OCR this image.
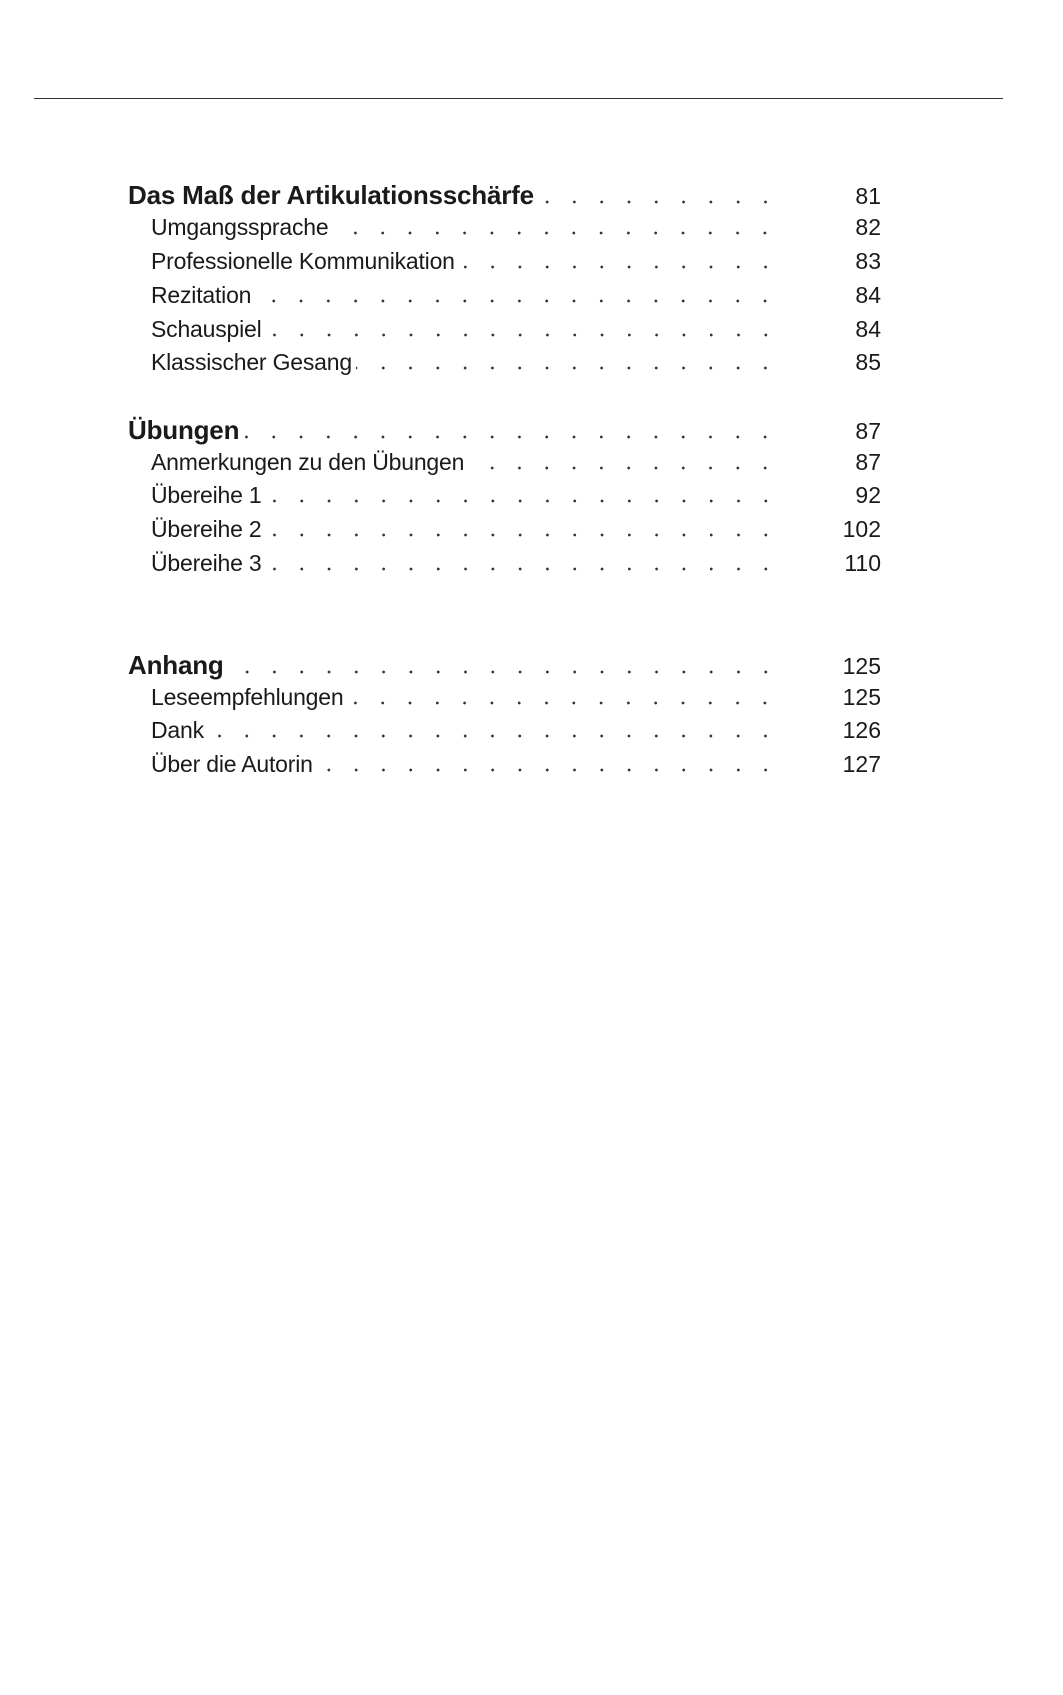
Das Maß der Artikulationsschärfe	81
Umgangssprache	82
Professionelle Kommunikation	83
Rezitation	84
Schauspiel	84
Klassischer Gesang	85
Übungen	87
Anmerkungen zu den Übungen	87
Übereihe 1	92
Übereihe 2	102
Übereihe 3	110
Anhang	125
Leseempfehlungen	125
Dank	126
Über die Autorin	127
